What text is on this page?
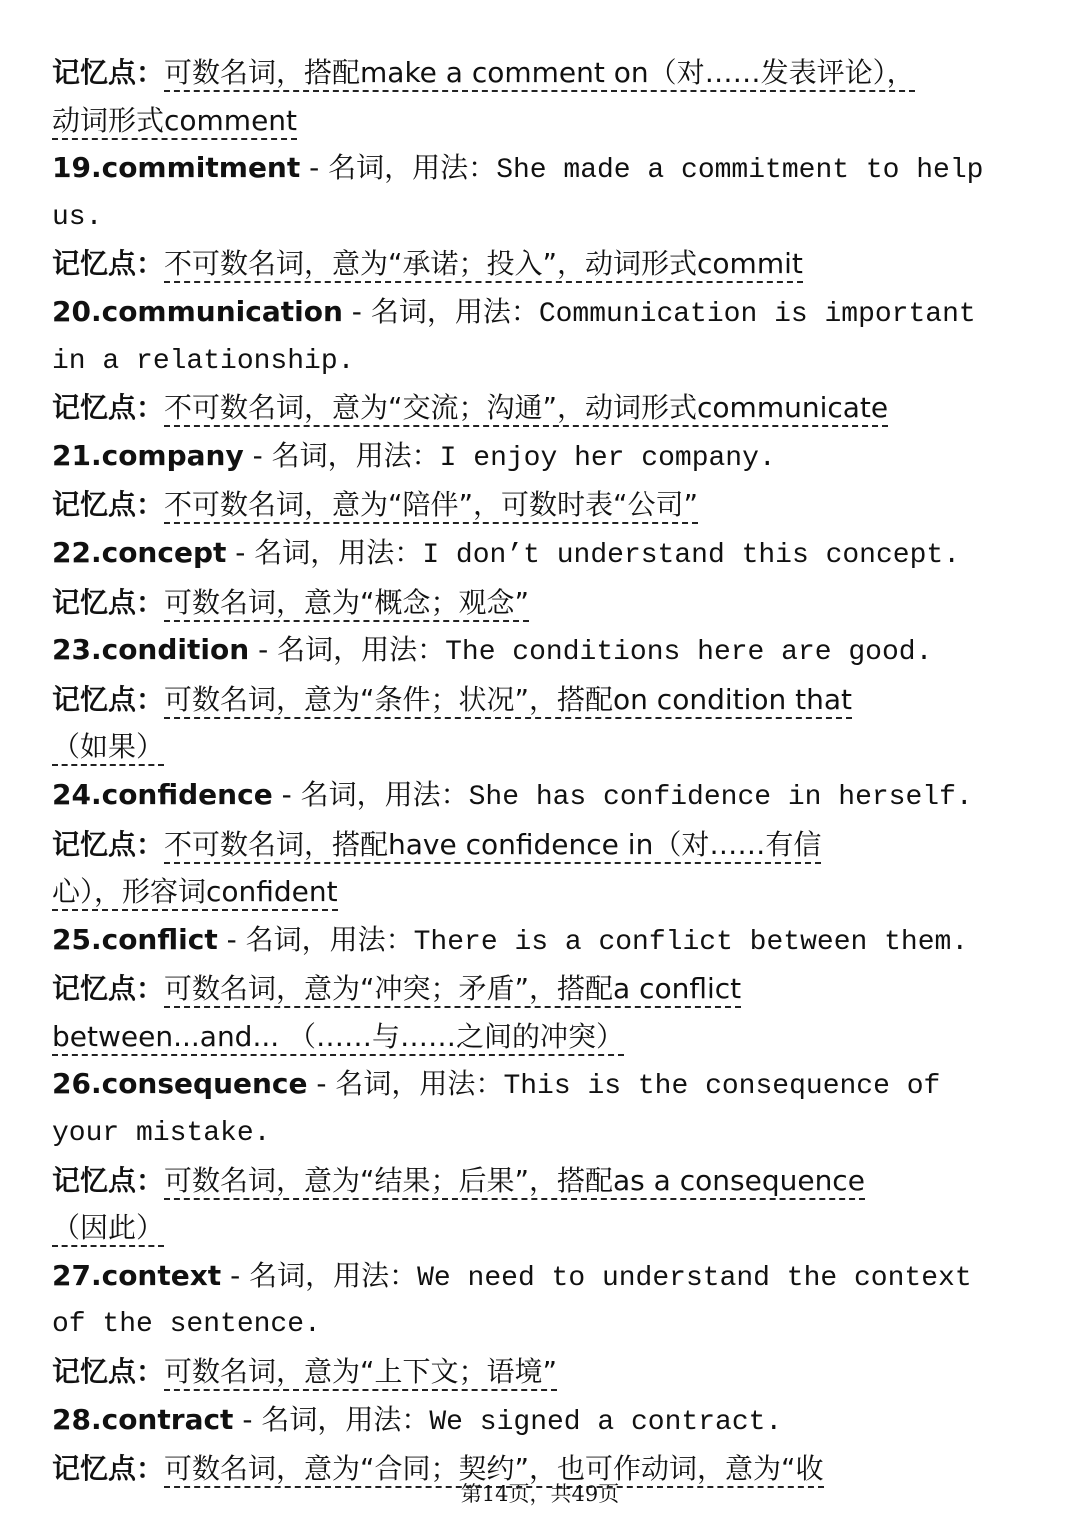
记忆点：可数名词，搭配make a comment on（对……发表评论），
动词形式comment
19.commitment - 名词，用法：She made a commitment to help
us.
记忆点：不可数名词，意为“承诺；投入”，动词形式commit
20.communication - 名词，用法：Communication is important
in a relationship.
记忆点：不可数名词，意为“交流；沟通”，动词形式communicate
21.company - 名词，用法：I enjoy her company.
记忆点：不可数名词，意为“陪伴”，可数时表“公司”
22.concept - 名词，用法：I don’t understand this concept.
记忆点：可数名词，意为“概念；观念”
23.condition - 名词，用法：The conditions here are good.
记忆点：可数名词，意为“条件；状况”，搭配on condition that
（如果）
24.confidence - 名词，用法：She has confidence in herself.
记忆点：不可数名词，搭配have confidence in（对……有信
心），形容词confident
25.conflict - 名词，用法：There is a conflict between them.
记忆点：可数名词，意为“冲突；矛盾”，搭配a conflict
between...and... （……与……之间的冲突）
26.consequence - 名词，用法：This is the consequence of
your mistake.
记忆点：可数名词，意为“结果；后果”，搭配as a consequence
（因此）
27.context - 名词，用法：We need to understand the context
of the sentence.
记忆点：可数名词，意为“上下文；语境”
28.contract - 名词，用法：We signed a contract.
记忆点：可数名词，意为“合同；契约”，也可作动词，意为“收
第14页，共49页
